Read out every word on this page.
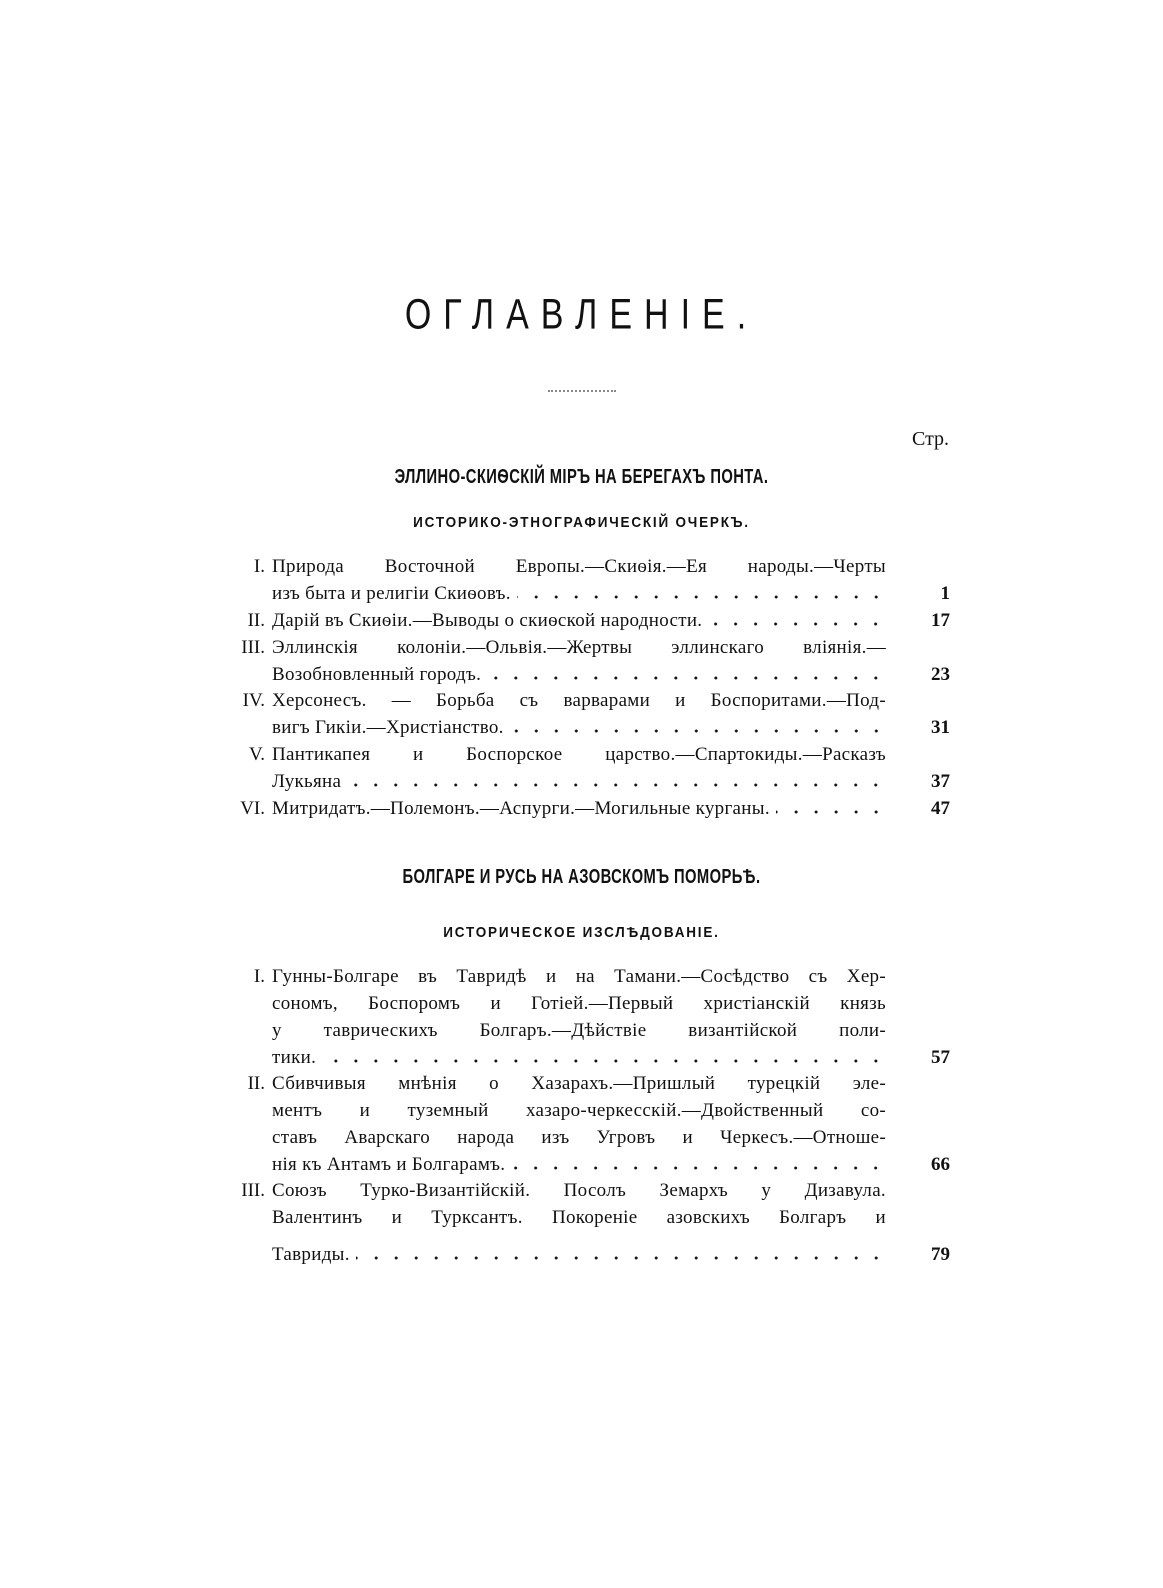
ОГЛАВЛЕНIЕ.
Стр.
ЭЛЛИНО-СКИѲСКIЙ МIРЪ НА БЕРЕГАХЪ ПОНТА.
ИСТОРИКО-ЭТНОГРАФИЧЕСКIЙ ОЧЕРКЪ.
I. Природа Восточной Европы.—Скиѳія.—Ея народы.—Черты
изъ быта и религіи Скиѳовъ.	1
II. Дарій въ Скиѳіи.—Выводы о скиѳской народности.	17
III. Эллинскія колоніи.—Ольвія.—Жертвы эллинскаго вліянія.—
Возобновленный городъ.	23
IV. Херсонесъ. — Борьба съ варварами и Боспоритами.—Под-
вигъ Гикіи.—Христіанство.	31
V. Пантикапея и Боспорское царство.—Спартокиды.—Расказъ
Лукьяна	37
VI. Митридатъ.—Полемонъ.—Аспурги.—Могильные курганы.	47
БОЛГАРЕ И РУСЬ НА АЗОВСКОМЪ ПОМОРЬѢ.
ИСТОРИЧЕСКОЕ ИЗСЛѢДОВАНIЕ.
I. Гунны-Болгаре въ Тавридѣ и на Тамани.—Сосѣдство съ Хер-
сономъ, Боспоромъ и Готіей.—Первый христіанскій князь
у таврическихъ Болгаръ.—Дѣйствіе византійской поли-
тики.	57
II. Сбивчивыя мнѣнія о Хазарахъ.—Пришлый турецкій эле-
ментъ и туземный хазаро-черкесскій.—Двойственный со-
ставъ Аварскаго народа изъ Угровъ и Черкесъ.—Отноше-
нія къ Антамъ и Болгарамъ.	66
III. Союзъ Турко-Византійскій. Посолъ Земархъ у Дизавула.
Валентинъ и Турксантъ. Покореніе азовскихъ Болгаръ и
Тавриды.	79
